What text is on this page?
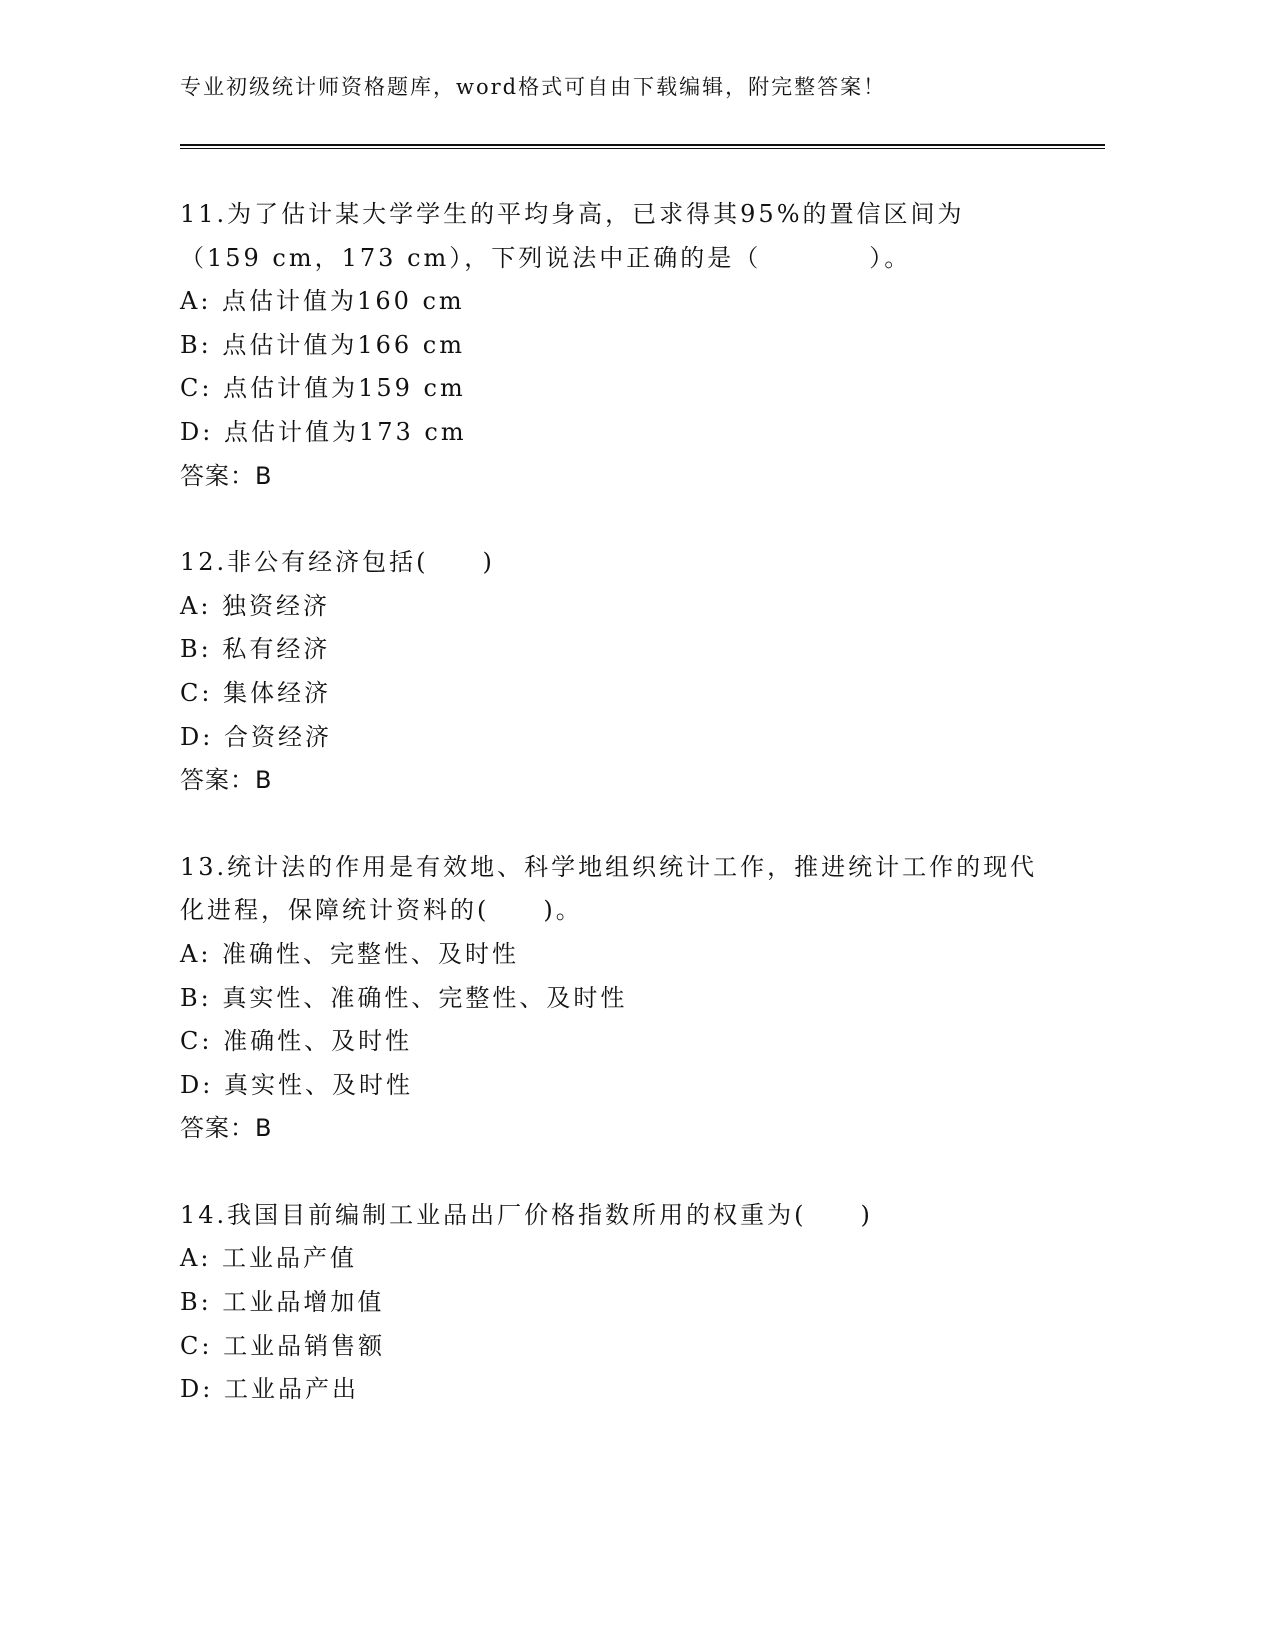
专业初级统计师资格题库，word格式可自由下载编辑，附完整答案！
11.为了估计某大学学生的平均身高，已求得其95%的置信区间为（159 cm，173 cm），下列说法中正确的是（　　　　）。
A: 点估计值为160 cm
B: 点估计值为166 cm
C: 点估计值为159 cm
D: 点估计值为173 cm
答案：B
12.非公有经济包括(　　)
A: 独资经济
B: 私有经济
C: 集体经济
D: 合资经济
答案：B
13.统计法的作用是有效地、科学地组织统计工作，推进统计工作的现代化进程，保障统计资料的(　　)。
A: 准确性、完整性、及时性
B: 真实性、准确性、完整性、及时性
C: 准确性、及时性
D: 真实性、及时性
答案：B
14.我国目前编制工业品出厂价格指数所用的权重为(　　)
A: 工业品产值
B: 工业品增加值
C: 工业品销售额
D: 工业品产出
